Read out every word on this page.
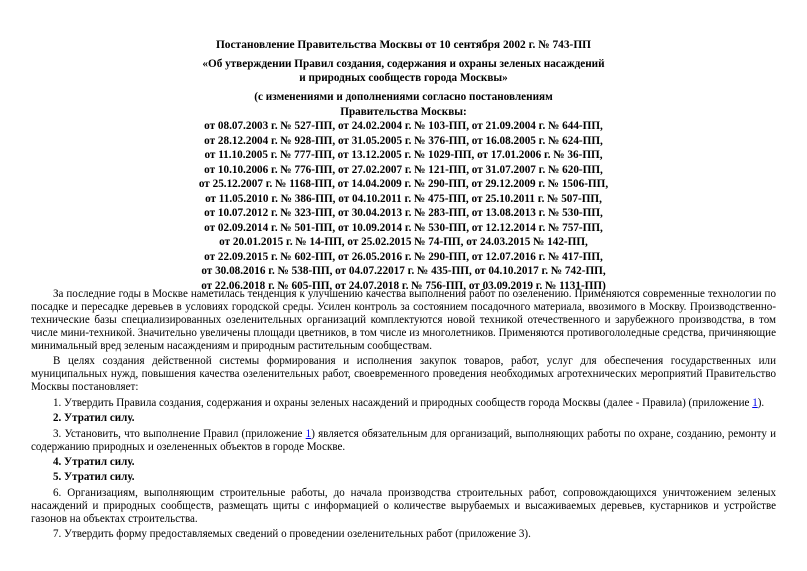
Постановление Правительства Москвы от 10 сентября 2002 г. № 743-ПП
«Об утверждении Правил создания, содержания и охраны зеленых насаждений
и природных сообществ города Москвы»
(с изменениями и дополнениями согласно постановлениям
Правительства Москвы:
от 08.07.2003 г. № 527-ПП, от 24.02.2004 г. № 103-ПП, от 21.09.2004 г. № 644-ПП,
от 28.12.2004 г. № 928-ПП, от 31.05.2005 г. № 376-ПП, от 16.08.2005 г. № 624-ПП,
от 11.10.2005 г. № 777-ПП, от 13.12.2005 г. № 1029-ПП, от 17.01.2006 г. № 36-ПП,
от 10.10.2006 г. № 776-ПП, от 27.02.2007 г. № 121-ПП, от 31.07.2007 г. № 620-ПП,
от 25.12.2007 г. № 1168-ПП, от 14.04.2009 г. № 290-ПП, от 29.12.2009 г. № 1506-ПП,
от 11.05.2010 г. № 386-ПП, от 04.10.2011 г. № 475-ПП, от 25.10.2011 г. № 507-ПП,
от 10.07.2012 г. № 323-ПП, от 30.04.2013 г. № 283-ПП, от 13.08.2013 г. № 530-ПП,
от 02.09.2014 г. № 501-ПП, от 10.09.2014 г. № 530-ПП, от 12.12.2014 г. № 757-ПП,
от 20.01.2015 г. № 14-ПП, от 25.02.2015 № 74-ПП, от 24.03.2015 № 142-ПП,
от 22.09.2015 г. № 602-ПП, от 26.05.2016 г. № 290-ПП, от 12.07.2016 г. № 417-ПП,
от 30.08.2016 г. № 538-ПП, от 04.07.22017 г. № 435-ПП, от 04.10.2017 г. № 742-ПП,
от 22.06.2018 г. № 605-ПП, от 24.07.2018 г. № 756-ПП, от 03.09.2019 г. № 1131-ПП)

За последние годы в Москве наметилась тенденция к улучшению качества выполнения работ по озеленению. Применяются современные технологии по посадке и пересадке деревьев в условиях городской среды. Усилен контроль за состоянием посадочного материала, ввозимого в Москву. Производственно-технические базы специализированных озеленительных организаций комплектуются новой техникой отечественного и зарубежного производства, в том числе мини-техникой. Значительно увеличены площади цветников, в том числе из многолетников. Применяются противогололедные средства, причиняющие минимальный вред зеленым насаждениям и природным растительным сообществам.

В целях создания действенной системы формирования и исполнения закупок товаров, работ, услуг для обеспечения государственных или муниципальных нужд, повышения качества озеленительных работ, своевременного проведения необходимых агротехнических мероприятий Правительство Москвы постановляет:

1. Утвердить Правила создания, содержания и охраны зеленых насаждений и природных сообществ города Москвы (далее - Правила) (приложение 1).

2. Утратил силу.

3. Установить, что выполнение Правил (приложение 1) является обязательным для организаций, выполняющих работы по охране, созданию, ремонту и содержанию природных и озелененных объектов в городе Москве.

4. Утратил силу.

5. Утратил силу.

6. Организациям, выполняющим строительные работы, до начала производства строительных работ, сопровождающихся уничтожением зеленых насаждений и природных сообществ, размещать щиты с информацией о количестве вырубаемых и высаживаемых деревьев, кустарников и устройстве газонов на объектах строительства.

7. Утвердить форму предоставляемых сведений о проведении озеленительных работ (приложение 3).
